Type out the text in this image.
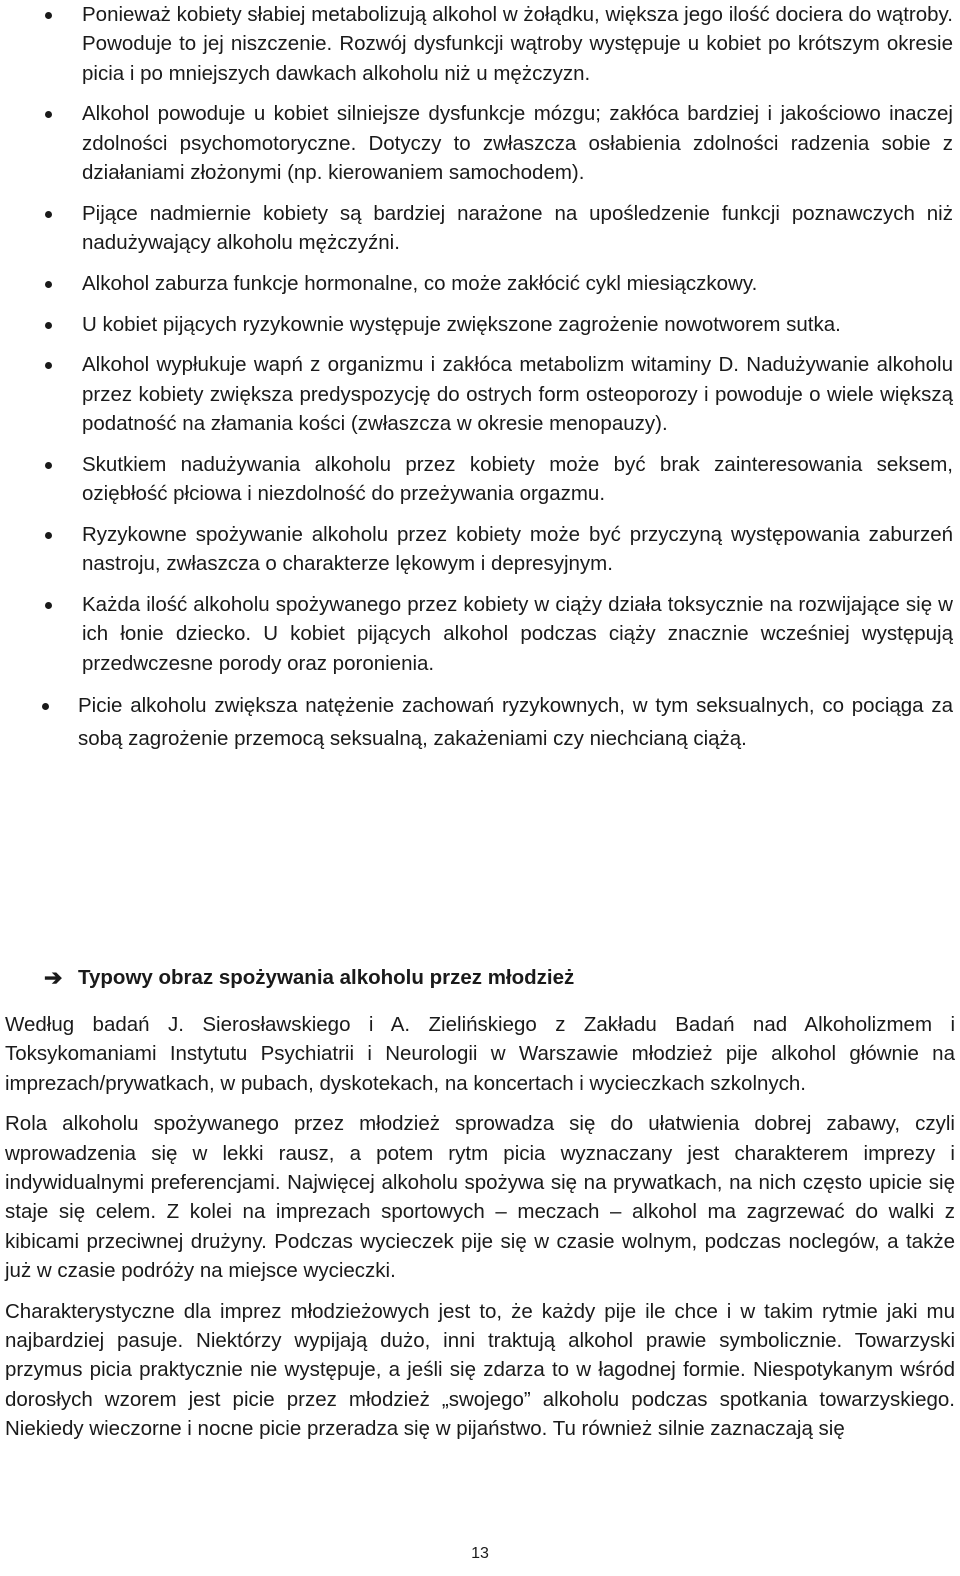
Ponieważ kobiety słabiej metabolizują alkohol w żołądku, większa jego ilość dociera do wątroby. Powoduje to jej niszczenie. Rozwój dysfunkcji wątroby występuje u kobiet po krótszym okresie picia i po mniejszych dawkach alkoholu niż u mężczyzn.
Alkohol powoduje u kobiet silniejsze dysfunkcje mózgu; zakłóca bardziej i jakościowo inaczej zdolności psychomotoryczne. Dotyczy to zwłaszcza osłabienia zdolności radzenia sobie z działaniami złożonymi (np. kierowaniem samochodem).
Pijące nadmiernie kobiety są bardziej narażone na upośledzenie funkcji poznawczych niż nadużywający alkoholu mężczyźni.
Alkohol zaburza funkcje hormonalne, co może zakłócić cykl miesiączkowy.
U kobiet pijących ryzykownie występuje zwiększone zagrożenie nowotworem sutka.
Alkohol wypłukuje wapń z organizmu i zakłóca metabolizm witaminy D. Nadużywanie alkoholu przez kobiety zwiększa predyspozycję do ostrych form osteoporozy i powoduje o wiele większą podatność na złamania kości (zwłaszcza w okresie menopauzy).
Skutkiem nadużywania alkoholu przez kobiety może być brak zainteresowania seksem, oziębłość płciowa i niezdolność do przeżywania orgazmu.
Ryzykowne spożywanie alkoholu przez kobiety może być przyczyną występowania zaburzeń nastroju, zwłaszcza o charakterze lękowym i depresyjnym.
Każda ilość alkoholu spożywanego przez kobiety w ciąży działa toksycznie na rozwijające się w ich łonie dziecko. U kobiet pijących alkohol podczas ciąży znacznie wcześniej występują przedwczesne porody oraz poronienia.
Picie alkoholu zwiększa natężenie zachowań ryzykownych, w tym seksualnych, co pociąga za sobą zagrożenie przemocą seksualną, zakażeniami czy niechcianą ciążą.
➔ Typowy obraz spożywania alkoholu przez młodzież

Według badań J. Sierosławskiego i A. Zielińskiego z Zakładu Badań nad Alkoholizmem i Toksykomaniami Instytutu Psychiatrii i Neurologii w Warszawie młodzież pije alkohol głównie na imprezach/prywatkach, w pubach, dyskotekach, na koncertach i wycieczkach szkolnych.

Rola alkoholu spożywanego przez młodzież sprowadza się do ułatwienia dobrej zabawy, czyli wprowadzenia się w lekki rausz, a potem rytm picia wyznaczany jest charakterem imprezy i indywidualnymi preferencjami. Najwięcej alkoholu spożywa się na prywatkach, na nich często upicie się staje się celem. Z kolei na imprezach sportowych – meczach – alkohol ma zagrzewać do walki z kibicami przeciwnej drużyny. Podczas wycieczek pije się w czasie wolnym, podczas noclegów, a także już w czasie podróży na miejsce wycieczki.

Charakterystyczne dla imprez młodzieżowych jest to, że każdy pije ile chce i w takim rytmie jaki mu najbardziej pasuje. Niektórzy wypijają dużo, inni traktują alkohol prawie symbolicznie. Towarzyski przymus picia praktycznie nie występuje, a jeśli się zdarza to w łagodnej formie. Niespotykanym wśród dorosłych wzorem jest picie przez młodzież „swojego” alkoholu podczas spotkania towarzyskiego. Niekiedy wieczorne i nocne picie przeradza się w pijaństwo. Tu również silnie zaznaczają się

13
